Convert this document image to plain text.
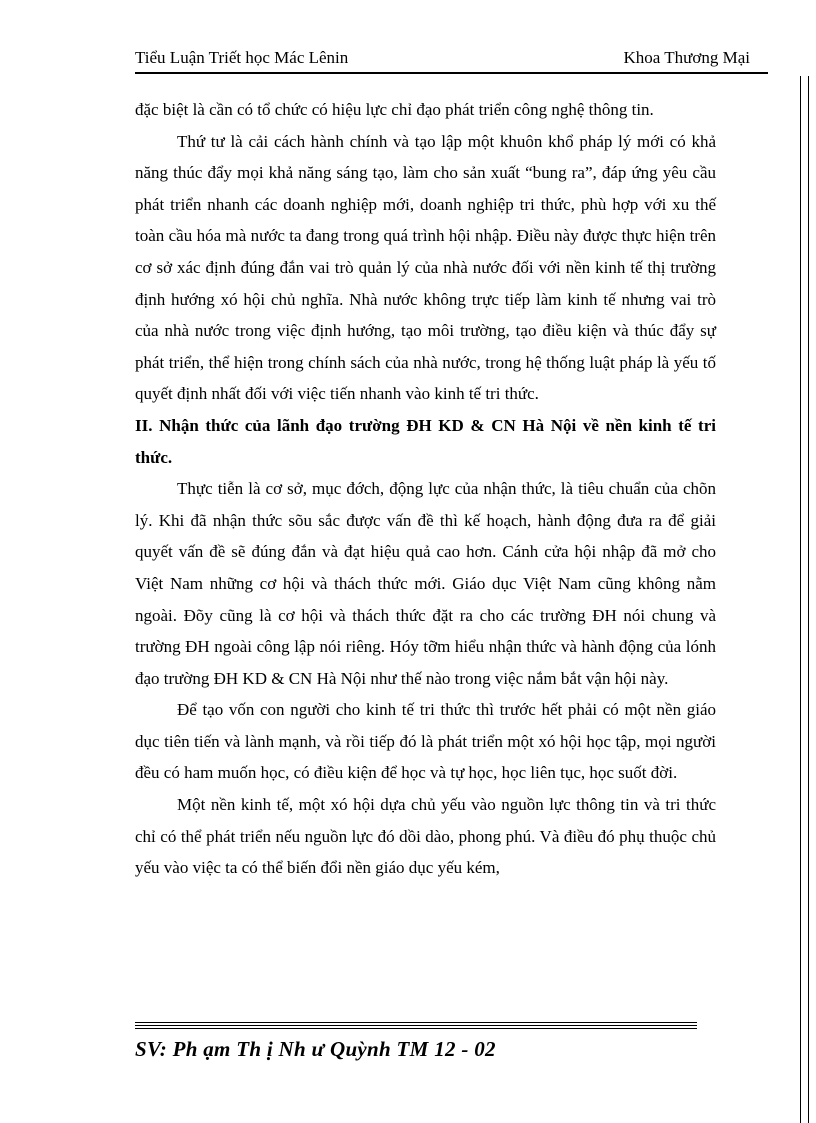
Tiểu Luận Triết học Mác Lênin	Khoa Thương Mại

đặc biệt là cần có tổ chức có hiệu lực chỉ đạo phát triển công nghệ thông tin.

Thứ tư là cải cách hành chính và tạo lập một khuôn khổ pháp lý mới có khả năng thúc đẩy mọi khả năng sáng tạo, làm cho sản xuất “bung ra”, đáp ứng yêu cầu phát triển nhanh các doanh nghiệp mới, doanh nghiệp tri thức, phù hợp với xu thế toàn cầu hóa mà nước ta đang trong quá trình hội nhập. Điều này được thực hiện trên cơ sở xác định đúng đắn vai trò quản lý của nhà nước đối với nền kinh tế thị trường định hướng xó hội chủ nghĩa. Nhà nước không trực tiếp làm kinh tế nhưng vai trò của nhà nước trong việc định hướng, tạo môi trường, tạo điều kiện và thúc đẩy sự phát triển, thể hiện trong chính sách của nhà nước, trong hệ thống luật pháp là yếu tố quyết định nhất đối với việc tiến nhanh vào kinh tế tri thức.

II. Nhận thức của lãnh đạo trường ĐH KD & CN Hà Nội về nền kinh tế tri thức.

Thực tiễn là cơ sở, mục đớch, động lực của nhận thức, là tiêu chuẩn của chõn lý. Khi đã nhận thức sõu sắc được vấn đề thì kế hoạch, hành động đưa ra để giải quyết vấn đề sẽ đúng đắn và đạt hiệu quả cao hơn. Cánh cửa hội nhập đã mở cho Việt Nam những cơ hội và thách thức mới. Giáo dục Việt Nam cũng không nằm ngoài. Đõy cũng là cơ hội và thách thức đặt ra cho các trường ĐH nói chung và trường ĐH ngoài công lập nói riêng. Hóy tỡm hiểu nhận thức và hành động của lónh đạo trường ĐH KD & CN Hà Nội như thế nào trong việc nắm bắt vận hội này.

Để tạo vốn con người cho kinh tế tri thức thì trước hết phải có một nền giáo dục tiên tiến và lành mạnh, và rồi tiếp đó là phát triển một xó hội học tập, mọi người đều có ham muốn học, có điều kiện để học và tự học, học liên tục, học suốt đời.

Một nền kinh tế, một xó hội dựa chủ yếu vào nguồn lực thông tin và tri thức chỉ có thể phát triển nếu nguồn lực đó dồi dào, phong phú. Và điều đó phụ thuộc chủ yếu vào việc ta có thể biến đổi nền giáo dục yếu kém,

SV: Ph ạm Th ị Nh ư Quỳnh TM 12 - 02
